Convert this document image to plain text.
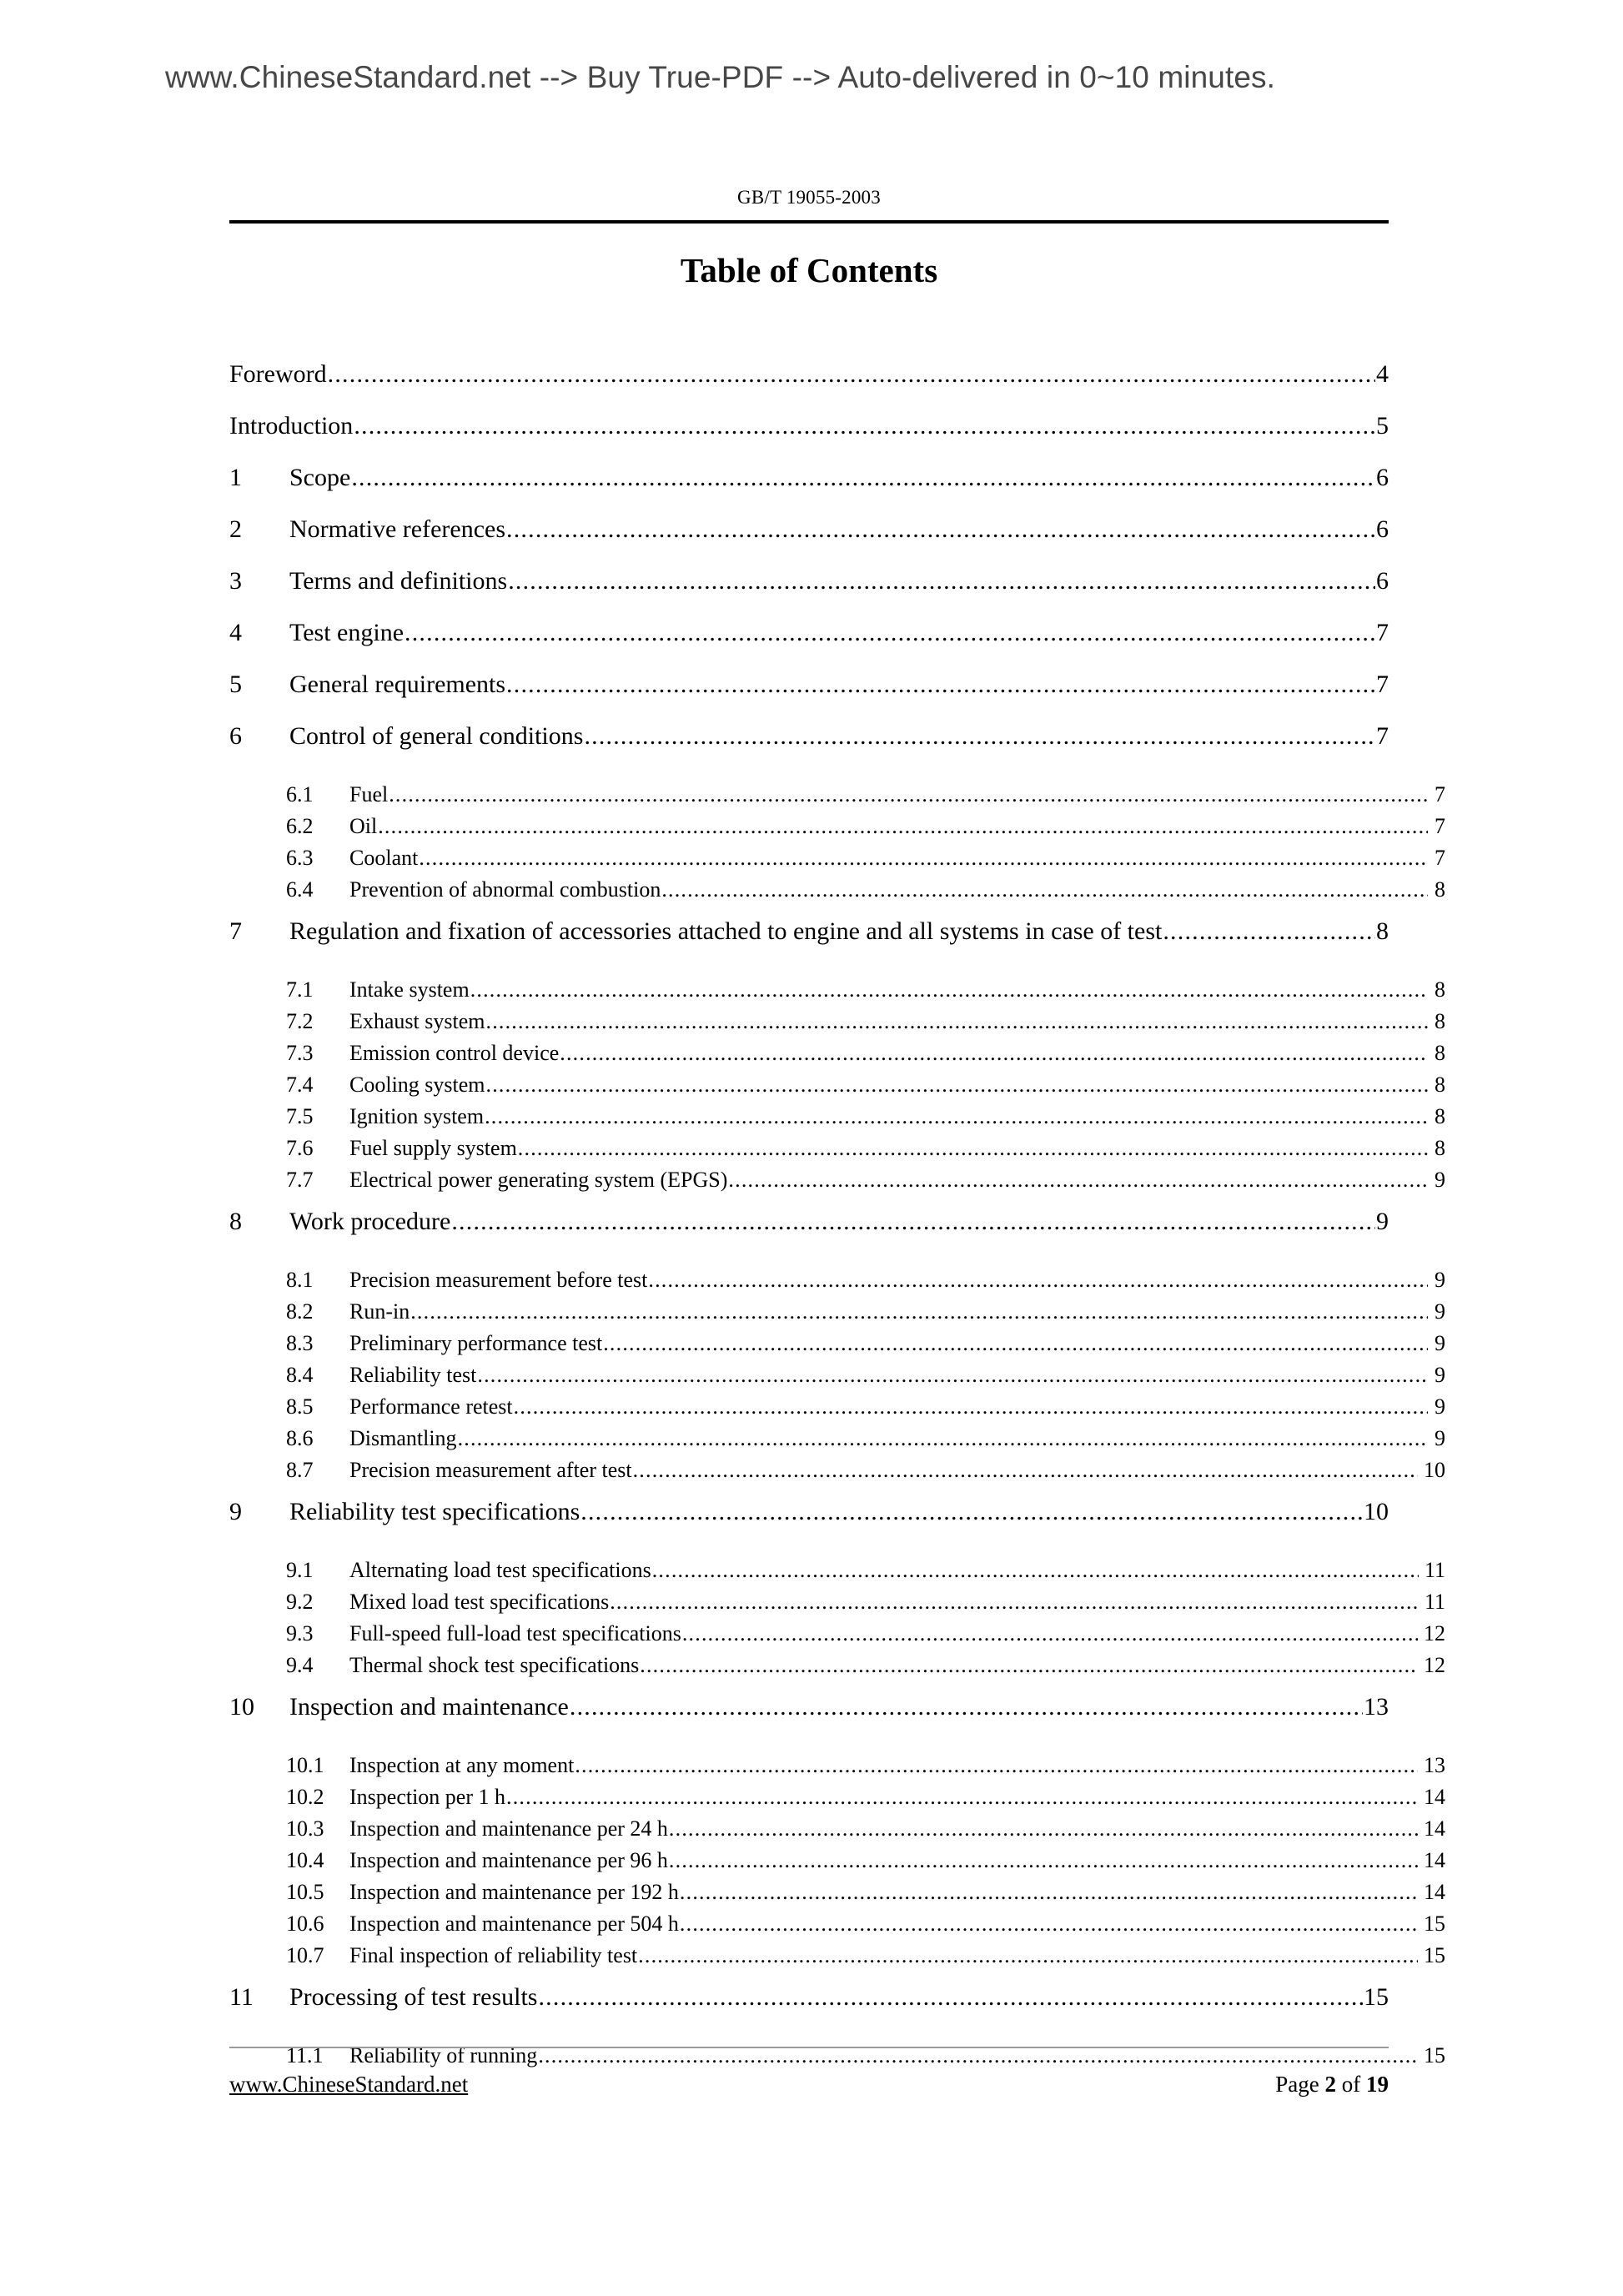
www.ChineseStandard.net --> Buy True-PDF --> Auto-delivered in 0~10 minutes.
GB/T 19055-2003
Table of Contents
Foreword .....	4
Introduction .....	5
1	Scope .....	6
2	Normative references .....	6
3	Terms and definitions .....	6
4	Test engine .....	7
5	General requirements .....	7
6	Control of general conditions .....	7
6.1	Fuel .....	7
6.2	Oil .....	7
6.3	Coolant .....	7
6.4	Prevention of abnormal combustion .....	8
7	Regulation and fixation of accessories attached to engine and all systems in case of test .....	8
7.1	Intake system .....	8
7.2	Exhaust system .....	8
7.3	Emission control device .....	8
7.4	Cooling system .....	8
7.5	Ignition system .....	8
7.6	Fuel supply system .....	8
7.7	Electrical power generating system (EPGS) .....	9
8	Work procedure .....	9
8.1	Precision measurement before test .....	9
8.2	Run-in .....	9
8.3	Preliminary performance test .....	9
8.4	Reliability test .....	9
8.5	Performance retest .....	9
8.6	Dismantling .....	9
8.7	Precision measurement after test .....	10
9	Reliability test specifications .....	10
9.1	Alternating load test specifications .....	11
9.2	Mixed load test specifications .....	11
9.3	Full-speed full-load test specifications .....	12
9.4	Thermal shock test specifications .....	12
10	Inspection and maintenance .....	13
10.1	Inspection at any moment .....	13
10.2	Inspection per 1 h .....	14
10.3	Inspection and maintenance per 24 h .....	14
10.4	Inspection and maintenance per 96 h .....	14
10.5	Inspection and maintenance per 192 h .....	14
10.6	Inspection and maintenance per 504 h .....	15
10.7	Final inspection of reliability test .....	15
11	Processing of test results .....	15
11.1	Reliability of running .....	15
www.ChineseStandard.net	Page 2 of 19
